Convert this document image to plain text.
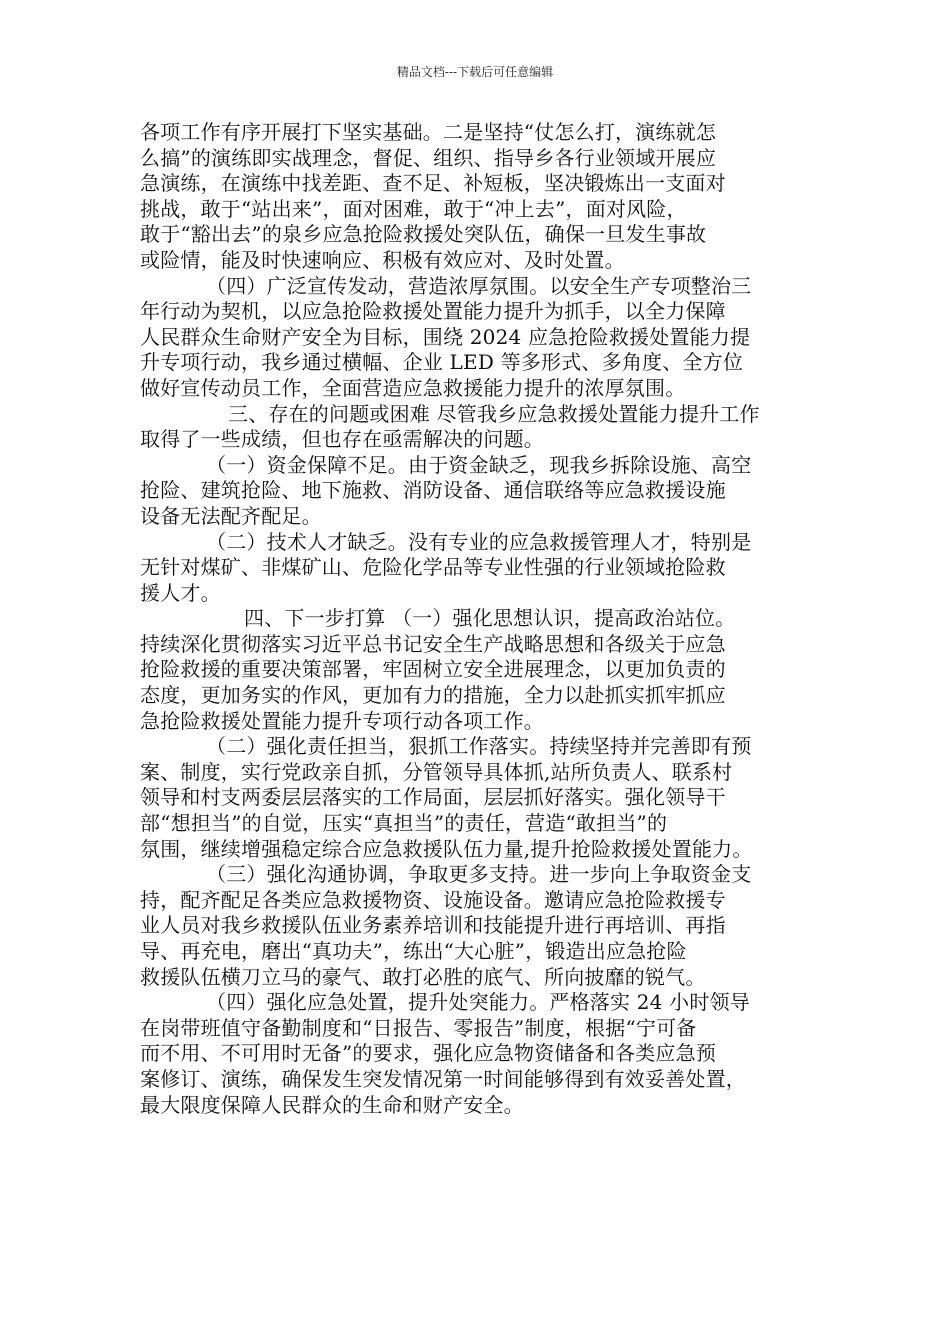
精品文档---下载后可任意编辑
各项工作有序开展打下坚实基础。二是坚持“仗怎么打，演练就怎
么搞”的演练即实战理念，督促、组织、指导乡各行业领域开展应
急演练，在演练中找差距、查不足、补短板，坚决锻炼出一支面对
挑战，敢于“站出来”，面对困难，敢于“冲上去”，面对风险，
敢于“豁出去”的泉乡应急抢险救援处突队伍，确保一旦发生事故
或险情，能及时快速响应、积极有效应对、及时处置。
（四）广泛宣传发动，营造浓厚氛围。以安全生产专项整治三
年行动为契机，以应急抢险救援处置能力提升为抓手，以全力保障
人民群众生命财产安全为目标，围绕 2024 应急抢险救援处置能力提
升专项行动，我乡通过横幅、企业 LED 等多形式、多角度、全方位
做好宣传动员工作，全面营造应急救援能力提升的浓厚氛围。
三、存在的问题或困难 尽管我乡应急救援处置能力提升工作
取得了一些成绩，但也存在亟需解决的问题。
（一）资金保障不足。由于资金缺乏，现我乡拆除设施、高空
抢险、建筑抢险、地下施救、消防设备、通信联络等应急救援设施
设备无法配齐配足。
（二）技术人才缺乏。没有专业的应急救援管理人才，特别是
无针对煤矿、非煤矿山、危险化学品等专业性强的行业领域抢险救
援人才。
四、下一步打算 （一）强化思想认识，提高政治站位。
持续深化贯彻落实习近平总书记安全生产战略思想和各级关于应急
抢险救援的重要决策部署，牢固树立安全进展理念，以更加负责的
态度，更加务实的作风，更加有力的措施，全力以赴抓实抓牢抓应
急抢险救援处置能力提升专项行动各项工作。
（二）强化责任担当，狠抓工作落实。持续坚持并完善即有预
案、制度，实行党政亲自抓，分管领导具体抓,站所负责人、联系村
领导和村支两委层层落实的工作局面，层层抓好落实。强化领导干
部“想担当”的自觉，压实“真担当”的责任，营造“敢担当”的
氛围，继续增强稳定综合应急救援队伍力量,提升抢险救援处置能力。
（三）强化沟通协调，争取更多支持。进一步向上争取资金支
持，配齐配足各类应急救援物资、设施设备。邀请应急抢险救援专
业人员对我乡救援队伍业务素养培训和技能提升进行再培训、再指
导、再充电，磨出“真功夫”，练出“大心脏”，锻造出应急抢险
救援队伍横刀立马的豪气、敢打必胜的底气、所向披靡的锐气。
（四）强化应急处置，提升处突能力。严格落实 24 小时领导
在岗带班值守备勤制度和“日报告、零报告”制度，根据“宁可备
而不用、不可用时无备”的要求，强化应急物资储备和各类应急预
案修订、演练，确保发生突发情况第一时间能够得到有效妥善处置，
最大限度保障人民群众的生命和财产安全。
